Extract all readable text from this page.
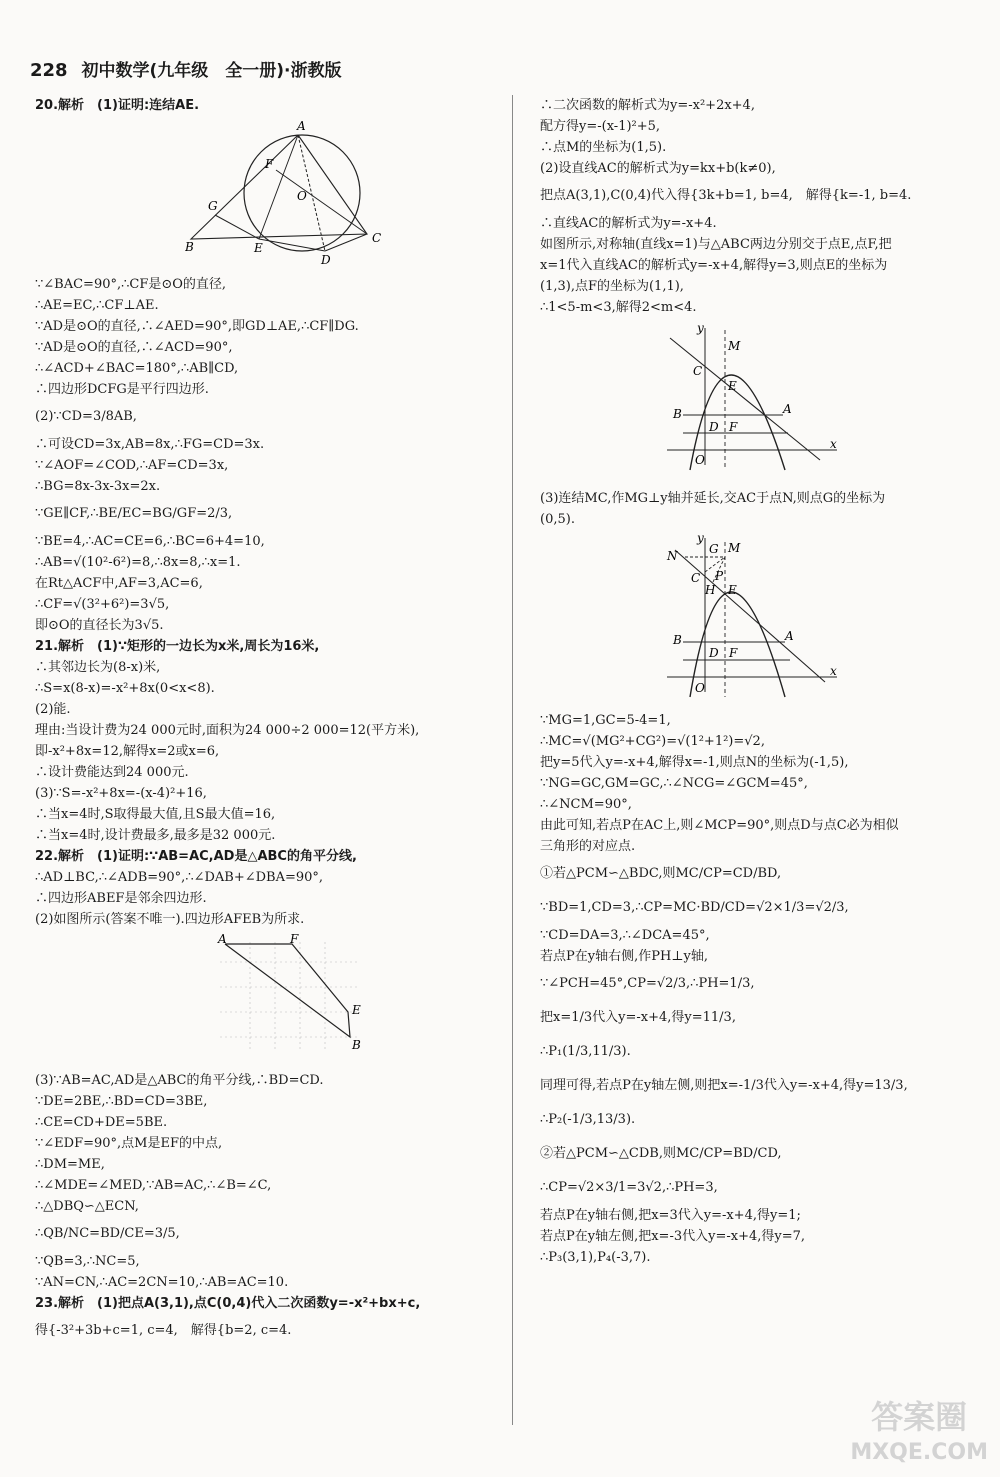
228 初中数学(九年级　全一册)·浙教版
20.解析　(1)证明:连结AE.
A
F
G
O
B	E
C
D
∵∠BAC=90°,∴CF是⊙O的直径,
∴AE=EC,∴CF⊥AE.
∵AD是⊙O的直径,∴∠AED=90°,即GD⊥AE,∴CF∥DG.
∵AD是⊙O的直径,∴∠ACD=90°,
∴∠ACD+∠BAC=180°,∴AB∥CD,
∴四边形DCFG是平行四边形.
(2)∵CD=3/8AB,
∴可设CD=3x,AB=8x,∴FG=CD=3x.
∵∠AOF=∠COD,∴AF=CD=3x,
∴BG=8x-3x-3x=2x.
∵GE∥CF,∴BE/EC=BG/GF=2/3,
∵BE=4,∴AC=CE=6,∴BC=6+4=10,
∴AB=√(10²-6²)=8,∴8x=8,∴x=1.
在Rt△ACF中,AF=3,AC=6,
∴CF=√(3²+6²)=3√5,
即⊙O的直径长为3√5.
21.解析　(1)∵矩形的一边长为x米,周长为16米,
∴其邻边长为(8-x)米,
∴S=x(8-x)=-x²+8x(0<x<8).
(2)能.
理由:当设计费为24 000元时,面积为24 000÷2 000=12(平方米),
即-x²+8x=12,解得x=2或x=6,
∴设计费能达到24 000元.
(3)∵S=-x²+8x=-(x-4)²+16,
∴当x=4时,S取得最大值,且S最大值=16,
∴当x=4时,设计费最多,最多是32 000元.
22.解析　(1)证明:∵AB=AC,AD是△ABC的角平分线,
∴AD⊥BC,∴∠ADB=90°,∴∠DAB+∠DBA=90°,
∴四边形ABEF是邻余四边形.
(2)如图所示(答案不唯一).四边形AFEB为所求.
A	F
E
B
(3)∵AB=AC,AD是△ABC的角平分线,∴BD=CD.
∵DE=2BE,∴BD=CD=3BE,
∴CE=CD+DE=5BE.
∵∠EDF=90°,点M是EF的中点,
∴DM=ME,
∴∠MDE=∠MED,∵AB=AC,∴∠B=∠C,
∴△DBQ∽△ECN,
∴QB/NC=BD/CE=3/5,
∵QB=3,∴NC=5,
∵AN=CN,∴AC=2CN=10,∴AB=AC=10.
23.解析　(1)把点A(3,1),点C(0,4)代入二次函数y=-x²+bx+c,
得{-3²+3b+c=1, c=4,　解得{b=2, c=4.
∴二次函数的解析式为y=-x²+2x+4,
配方得y=-(x-1)²+5,
∴点M的坐标为(1,5).
(2)设直线AC的解析式为y=kx+b(k≠0),
把点A(3,1),C(0,4)代入得{3k+b=1, b=4,　解得{k=-1, b=4.
∴直线AC的解析式为y=-x+4.
如图所示,对称轴(直线x=1)与△ABC两边分别交于点E,点F,把
x=1代入直线AC的解析式y=-x+4,解得y=3,则点E的坐标为
(1,3),点F的坐标为(1,1),
∴1<5-m<3,解得2<m<4.
y
M
C
E
B
D F
A
O
x
(3)连结MC,作MG⊥y轴并延长,交AC于点N,则点G的坐标为
(0,5).
y
G M
N
C P
H E
B
D F
A
O
x
∵MG=1,GC=5-4=1,
∴MC=√(MG²+CG²)=√(1²+1²)=√2,
把y=5代入y=-x+4,解得x=-1,则点N的坐标为(-1,5),
∵NG=GC,GM=GC,∴∠NCG=∠GCM=45°,
∴∠NCM=90°,
由此可知,若点P在AC上,则∠MCP=90°,则点D与点C必为相似
三角形的对应点.
①若△PCM∽△BDC,则MC/CP=CD/BD,
∵BD=1,CD=3,∴CP=MC·BD/CD=√2×1/3=√2/3,
∵CD=DA=3,∴∠DCA=45°,
若点P在y轴右侧,作PH⊥y轴,
∵∠PCH=45°,CP=√2/3,∴PH=1/3,
把x=1/3代入y=-x+4,得y=11/3,
∴P₁(1/3,11/3).
同理可得,若点P在y轴左侧,则把x=-1/3代入y=-x+4,得y=13/3,
∴P₂(-1/3,13/3).
②若△PCM∽△CDB,则MC/CP=BD/CD,
∴CP=√2×3/1=3√2,∴PH=3,
若点P在y轴右侧,把x=3代入y=-x+4,得y=1;
若点P在y轴左侧,把x=-3代入y=-x+4,得y=7,
∴P₃(3,1),P₄(-3,7).
答案圈
MXQE.COM
